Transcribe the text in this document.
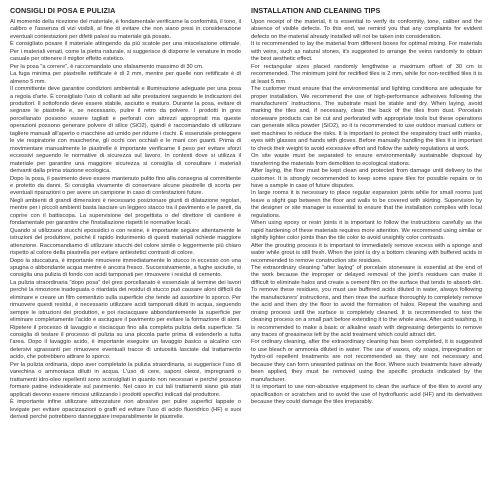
CONSIGLI DI POSA E PULIZIA

Al momento della ricezione del materiale, è fondamentale verificarne la conformità, il tono, il calibro e l'assenza di vizi visibili, al fine di evitare che non siano presi in considerazione eventuali contestazioni per difetti palesi su materiale già posato.

È consigliato posare il materiale attingendo da più scatole per una miscelazione ottimale. Per i materiali venati, come la pietra naturale, si suggerisce di disporre le venature in modo casuale per ottenere il miglior effetto estetico.

Per la posa "a correre", è raccomandato uno sfalsamento massimo di 30 cm.

La fuga minima per piastrelle rettificate è di 2 mm, mentre per quelle non rettificate è di almeno 5 mm.

Il committente deve garantire condizioni ambientali e illuminazione adeguate per una posa a regola d'arte. È consigliato l'uso di collanti ad alte prestazioni seguendo le indicazioni dei produttori. Il sottofondo deve essere stabile, asciutto e maturo. Durante la posa, evitare di segnare le piastrelle e, se necessario, pulire il retro da polvere. I prodotti in gres porcellanato possono essere tagliati e perforati con attrezzi appropriati ma queste operazioni possono generare polvere di silice (SiO2), quindi è raccomandato di utilizzare tagliere manuali all'aperto o macchine ad umido per ridurre i rischi. È essenziale proteggere le vie respiratorie con mascherine, gli occhi con occhiali e le mani con guanti. Prima di movimentare manualmente le piastrelle è importante verificarne il peso per evitare sforzi eccessivi seguendo le normative di sicurezza sul lavoro. In contesti dove si utilizza il materiale per garantire una maggiore sicurezza si consiglia di consultare i materiali derivanti dalla prima stazione ecologica.

Dopo la posa, il pavimento deve essere mantenuto pulito fino alla consegna al committente e protetto da danni. Si consiglia vivamente di conservare alcune piastrelle di scorta per eventuali riparazioni o per avere un campione in caso di contestazioni future.

Negli ambienti di grandi dimensioni è necessario posizionare giunti di dilatazione regolari, mentre per i piccoli ambienti basta lasciare un leggero stacco tra il pavimento e le pareti, da coprire con il battiscopa. La supervisione del progettista o del direttore di cantiere è fondamentale per garantire che l'installazione rispetti le normative locali.

Quando si utilizzano stucchi epossidici o con resine, è importante seguire attentamente le istruzioni del produttore, poiché il rapido indurimento di questi materiali richiede maggiore attenzione. Raccomandiamo di utilizzare stucchi del colore simile o leggermente più chiaro rispetto al colore della piastrella per evitare antiestetici contrasti di colore.

Dopo la stuccatura, è importante rimuovere immediatamente lo stucco in eccesso con una spugna o abbondante acqua mentre è ancora fresco. Successivamente, a fughe asciutte, si consiglia una pulizia di fondo con acidi tamponati per rimuovere i residui di cemento.

La pulizia straordinaria "dopo posa" del gres porcellanato è essenziale al termine dei lavori perché la rimozione inadeguata o ritardata dei residui di stucco può causare aloni difficili da eliminare e creare un film cementizio sulla superficie che tende ad assorbire lo sporco. Per rimuovere questi residui, è necessario utilizzare acidi tamponati diluiti in acqua, seguendo sempre le istruzioni dei produttori, e poi risciacquare abbondantemente la superficie per eliminare completamente l'acido e asciugare il pavimento per evitare la formazione di aloni. Ripetere il processo di lavaggio e risciacquo fino alla completa pulizia della superficie. Si consiglia di testare il processo di pulizia su una piccola parte prima di estenderlo a tutta l'area. Dopo il lavaggio acido, è importante eseguire un lavaggio basico a alcalino con detersivi sgrassanti per rimuovere eventuali tracce di untuosità lasciate dal trattamento acido, che potrebbero attirare lo sporco.

Per la pulizia ordinaria, dopo aver completato la pulizia straordinaria, si suggerisce l'uso di varechina o ammoniaca diluiti in acqua. L'uso di cere, saponi oleosi, impregnanti o trattamenti idro-oleo repellenti sono sconsigliati in quanto non necessari e perché possono formare patine indesiderate sul pavimento. Nel caso in cui tali trattamenti siano già stati applicati devono essere rimossi utilizzando i prodotti specifici indicati dal produttore.

È importante infine utilizzare attrezzature non abrasive per pulire superfici lappate o levigate per evitare opacizzazioni o graffi ed evitare l'uso di acido fluoridrico (HF) e suoi derivati perché potrebbero danneggiare irreparabilmente le piastrelle.

INSTALLATION AND CLEANING TIPS

Upon receipt of the material, it is essential to verify its conformity, tone, caliber and the absence of visible defects. To this end, we remind you that any complaints for evident defects on the material already installed will not be taken into consideration.

It is recommended to lay the material from different boxes for optimal mixing. For materials with veins, such as natural stones, it's suggested to arrange the veins randomly to obtain the best aesthetic effect.

For rectangular sizes placed randomly lengthwise a maximum offset of 30 cm is recommended. The minimum joint for rectified tiles is 2 mm, while for non-rectified tiles it is at least 5 mm.

The customer must ensure that the environmental and lighting conditions are adequate for proper installation. We recommend the use of high-performance adhesives following the manufacturers' instructions. The substrate must be stable and dry. When laying, avoid marking the tiles and, if necessary, clean the back of the tiles from dust. Porcelain stoneware products can be cut and perforated with appropriate tools but these operations can generate silica powder (SiO2), so it is recommended to use outdoor manual cutters or wet machines to reduce the risks. It is important to protect the respiratory tract with masks, eyes with glasses and hands with gloves. Before manually handling the tiles it is important to check their weight to avoid excessive effort and follow the safety regulations at work.

On site waste must be separated to ensure environmentally sustainable disposal by transferring the materials from demolition to ecological stations.

After laying, the floor must be kept clean and protected from damage until delivery to the customer. It is strongly recommended to keep some spare tiles for possible repairs or to have a sample in case of future disputes.

In large rooms it is necessary to place regular expansion joints while for small rooms just leave a slight gap between the floor and walls to be covered with skirting. Supervision by the designer or site manager is essential to ensure that the installation complies with local regulations.

When using epoxy or resin joints it is important to follow the instructions carefully as the rapid hardening of these materials requires more attention. We recommend using similar or slightly lighter color joints than the tile color to avoid unsightly color contrasts.

After the grouting process it is important to immediately remove excess with a sponge and water while grout is still fresh. When the joint is dry a bottom cleaning with buffered acids is recommended to remove construction site residues.

The extraordinary cleaning "after laying" of porcelain stoneware is essential at the end of the work because the improper or delayed removal of the joint's residues can make it difficult to eliminate halos and create a cement film on the surface that tends to absorb dirt. To remove these residues, you must use buffered acids diluted in water, always following the manufacturers' instructions, and then rinse the surface thoroughly to completely remove the acid and then dry the floor to avoid the formation of halos. Repeat the washing and rinsing process until the surface is completely cleaned. It is recommended to test the cleaning process on a small part before extending it to the whole area. After acid washing, it is recommended to make a basic or alkaline wash with degreasing detergents to remove any traces of greasiness left by the acid treatment which could attract dirt.

For ordinary cleaning, after the extraordinary cleaning has been completed, it is suggested to use bleach or ammonia diluted in water. The use of waxes, oily soaps, impregnation or hydro-oil repellent treatments are not recommended as they are not necessary and because they can form unwanted patinas on the floor. Where such treatments have already been applied, they must be removed using the specific products indicated by the manufacturer.

It is important to use non-abrasive equipment to clean the surface of the tiles to avoid any opacification or scratches and to avoid the use of hydrofluoric acid (HF) and its derivatives because they could damage the tiles irreparably.
